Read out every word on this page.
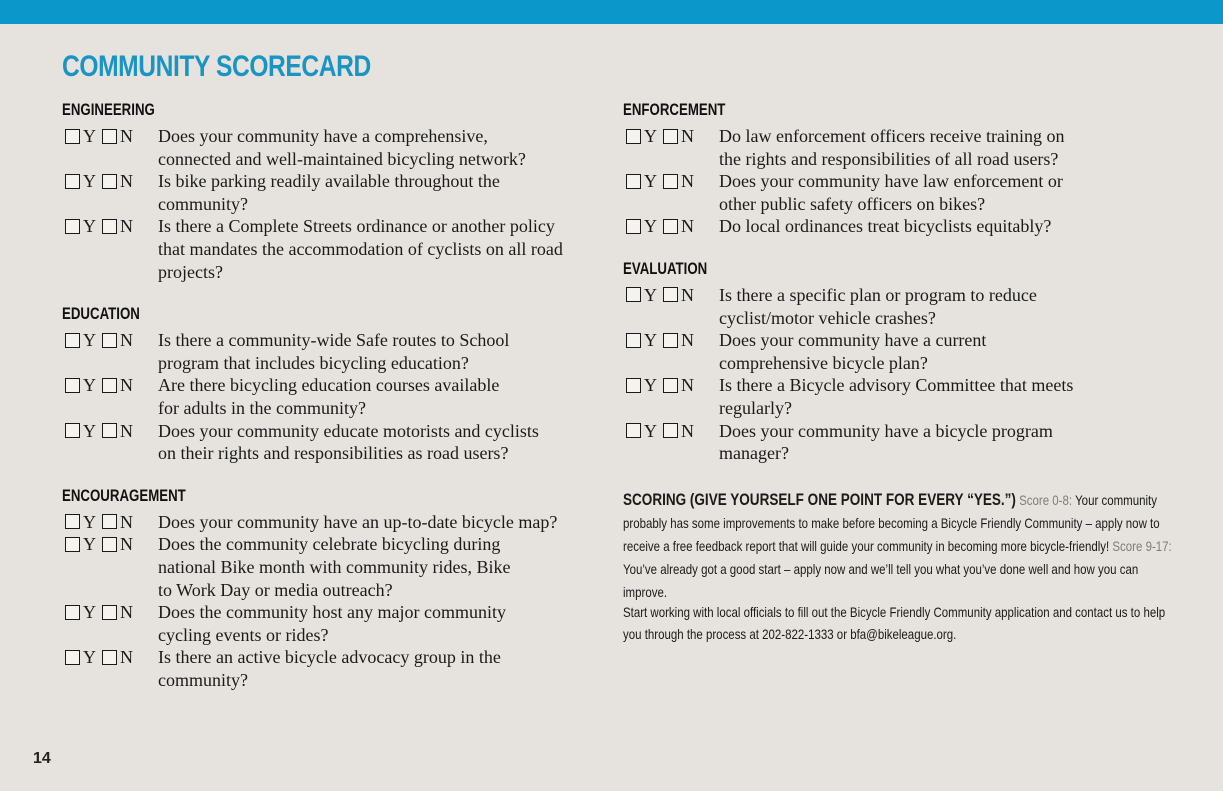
COMMUNITY SCORECARD
ENGINEERING
Y N Does your community have a comprehensive,
connected and well-maintained bicycling network?
Y N Is bike parking readily available throughout the
community?
Y N Is there a Complete Streets ordinance or another policy
that mandates the accommodation of cyclists on all road
projects?
EDUCATION
Y N Is there a community-wide Safe routes to School
program that includes bicycling education?
Y N Are there bicycling education courses available
for adults in the community?
Y N Does your community educate motorists and cyclists
on their rights and responsibilities as road users?
ENCOURAGEMENT
Y N Does your community have an up-to-date bicycle map?
Y N Does the community celebrate bicycling during
national Bike month with community rides, Bike
to Work Day or media outreach?
Y N Does the community host any major community
cycling events or rides?
Y N Is there an active bicycle advocacy group in the
community?
ENFORCEMENT
Y N Do law enforcement officers receive training on
the rights and responsibilities of all road users?
Y N Does your community have law enforcement or
other public safety officers on bikes?
Y N Do local ordinances treat bicyclists equitably?
EVALUATION
Y N Is there a specific plan or program to reduce
cyclist/motor vehicle crashes?
Y N Does your community have a current
comprehensive bicycle plan?
Y N Is there a Bicycle advisory Committee that meets
regularly?
Y N Does your community have a bicycle program
manager?
SCORING (GIVE YOURSELF ONE POINT FOR EVERY “YES.”) Score 0-8: Your community probably has some improvements to make before becoming a Bicycle Friendly Community – apply now to receive a free feedback report that will guide your community in becoming more bicycle-friendly! Score 9-17: You’ve already got a good start – apply now and we’ll tell you what you’ve done well and how you can improve.
Start working with local officials to fill out the Bicycle Friendly Community application and contact us to help you through the process at 202-822-1333 or bfa@bikeleague.org.
14
